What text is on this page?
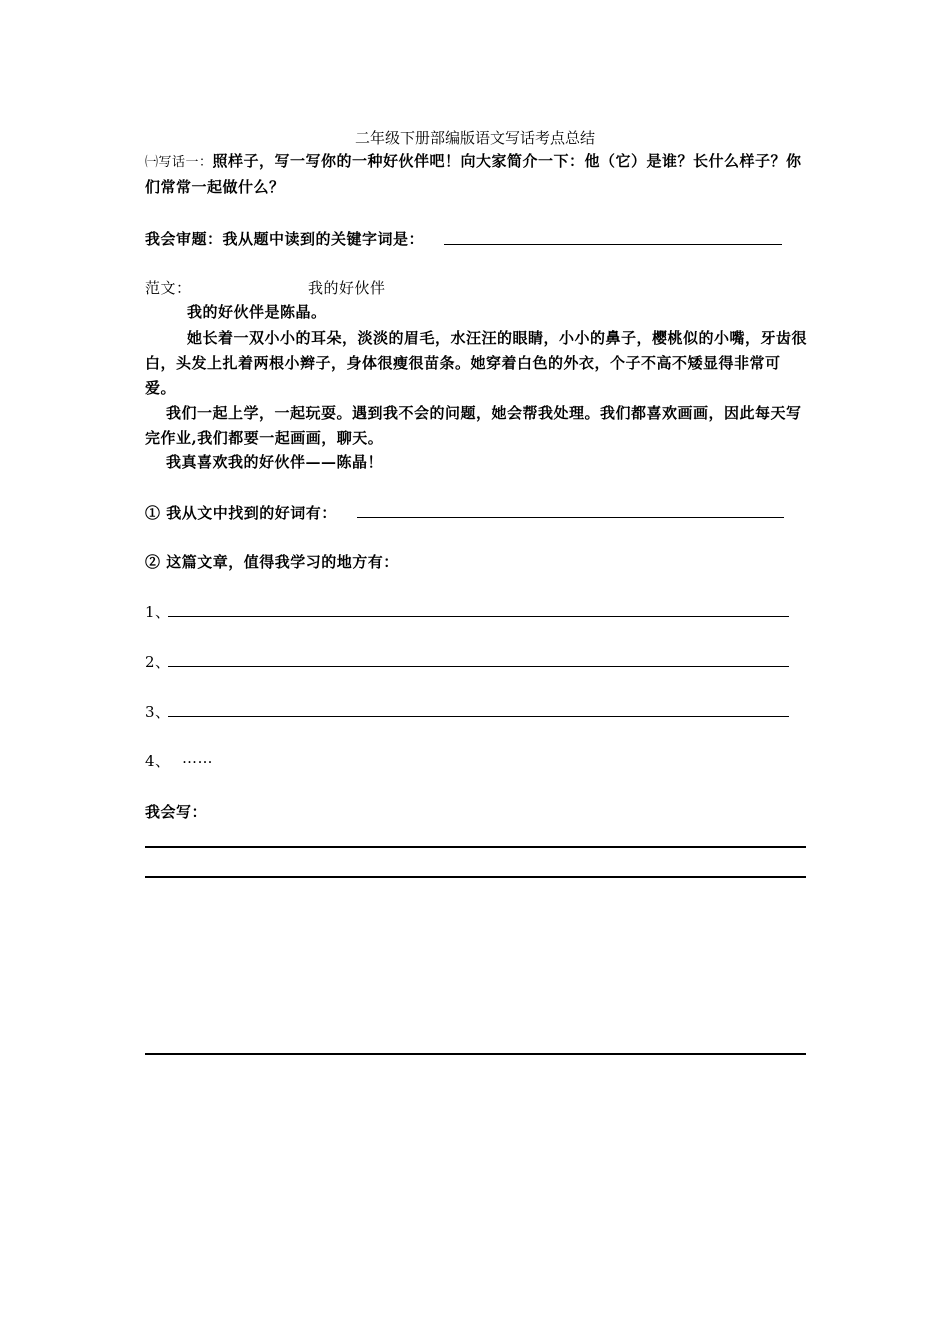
二年级下册部编版语文写话考点总结
㈠写话一：照样子，写一写你的一种好伙伴吧！向大家简介一下：他（它）是谁？长什么样子？你们常常一起做什么？
我会审题：我从题中读到的关键字词是：
范文：	我的好伙伴
我的好伙伴是陈晶。
她长着一双小小的耳朵，淡淡的眉毛，水汪汪的眼睛，小小的鼻子，樱桃似的小嘴，牙齿很白，头发上扎着两根小辫子，身体很瘦很苗条。她穿着白色的外衣，个子不高不矮显得非常可爱。
我们一起上学，一起玩耍。遇到我不会的问题，她会帮我处理。我们都喜欢画画，因此每天写完作业,我们都要一起画画，聊天。
我真喜欢我的好伙伴——陈晶！
① 我从文中找到的好词有：
② 这篇文章，值得我学习的地方有：
1、
2、
3、
4、 ……
我会写：
